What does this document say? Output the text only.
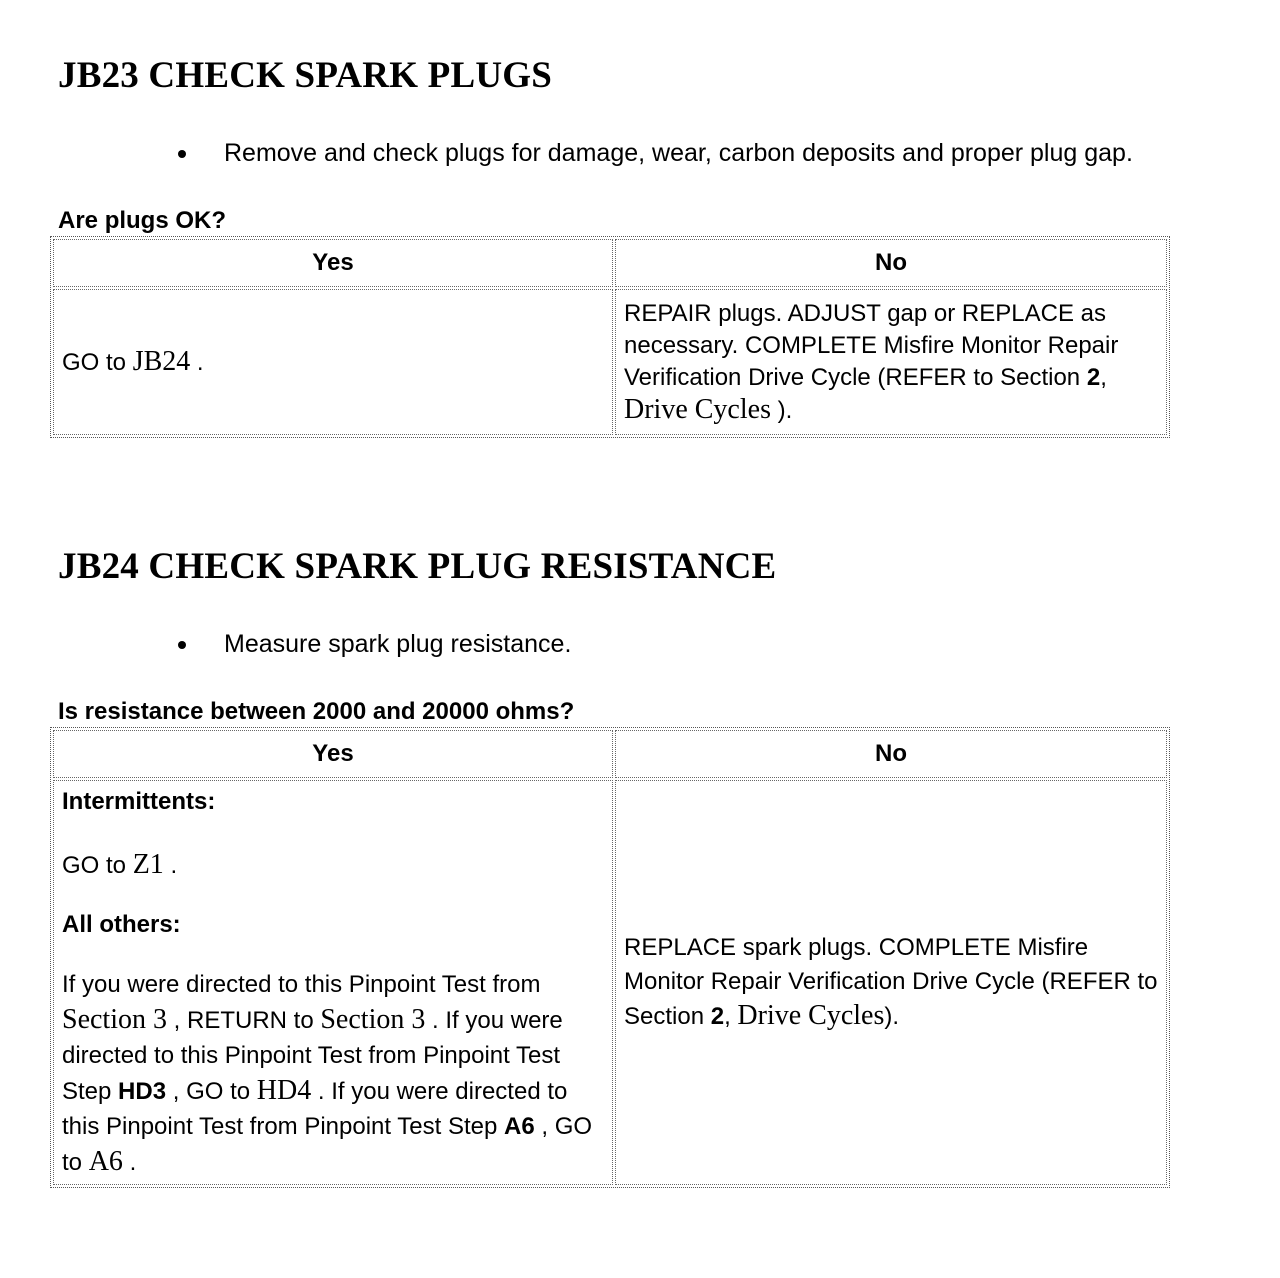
JB23 CHECK SPARK PLUGS
Remove and check plugs for damage, wear, carbon deposits and proper plug gap.
Are plugs OK?
Yes	No
GO to JB24 .	REPAIR plugs. ADJUST gap or REPLACE as necessary. COMPLETE Misfire Monitor Repair Verification Drive Cycle (REFER to Section 2, Drive Cycles ).
JB24 CHECK SPARK PLUG RESISTANCE
Measure spark plug resistance.
Is resistance between 2000 and 20000 ohms?
Yes	No

Intermittents:

GO to Z1 .

All others:

If you were directed to this Pinpoint Test from Section 3 , RETURN to Section 3 . If you were directed to this Pinpoint Test from Pinpoint Test Step HD3 , GO to HD4 . If you were directed to this Pinpoint Test from Pinpoint Test Step A6 , GO to A6 .	REPLACE spark plugs. COMPLETE Misfire Monitor Repair Verification Drive Cycle (REFER to Section 2, Drive Cycles).
